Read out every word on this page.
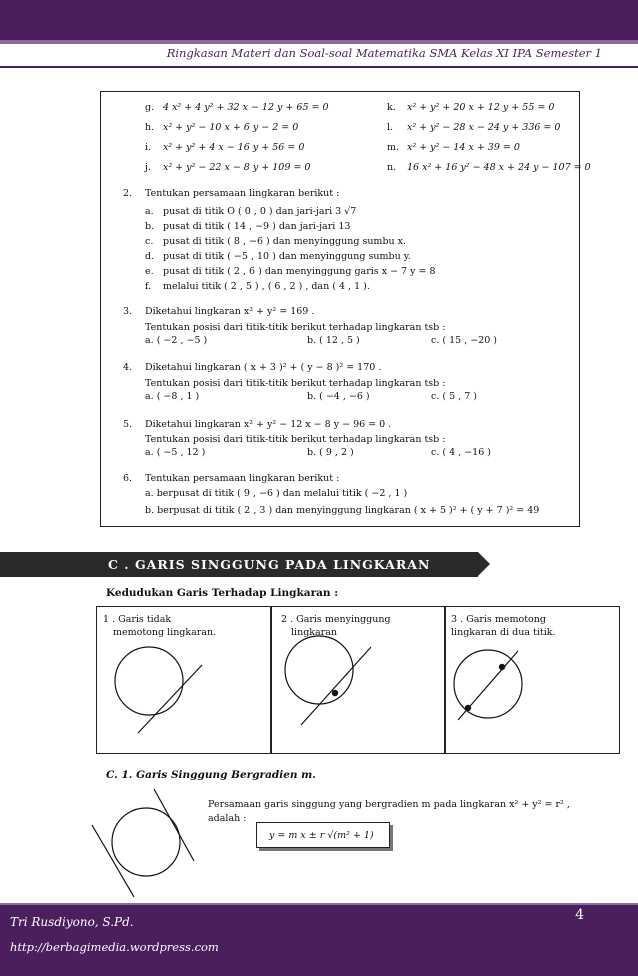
Ringkasan Materi dan Soal-soal Matematika SMA Kelas XI IPA Semester 1
g. 4 x² + 4 y² + 32 x − 12 y + 65 = 0
h. x² + y² − 10 x + 6 y − 2 = 0
i. x² + y² + 4 x − 16 y + 56 = 0
j. x² + y² − 22 x − 8 y + 109 = 0
k. x² + y² + 20 x + 12 y + 55 = 0
l. x² + y² − 28 x − 24 y + 336 = 0
m. x² + y² − 14 x + 39 = 0
n. 16 x² + 16 y² − 48 x + 24 y − 107 = 0
2. Tentukan persamaan lingkaran berikut :
a. pusat di titik O ( 0 , 0 ) dan jari-jari 3 √7
b. pusat di titik ( 14 , −9 ) dan jari-jari 13
c. pusat di titik ( 8 , −6 ) dan menyinggung sumbu x.
d. pusat di titik ( −5 , 10 ) dan menyinggung sumbu y.
e. pusat di titik ( 2 , 6 ) dan menyinggung garis x − 7 y = 8
f. melalui titik ( 2 , 5 ) , ( 6 , 2 ) , dan ( 4 , 1 ).
3. Diketahui lingkaran x² + y² = 169 .
Tentukan posisi dari titik-titik berikut terhadap lingkaran tsb :
a. ( −2 , −5 )	b. ( 12 , 5 )	c. ( 15 , −20 )
4. Diketahui lingkaran ( x + 3 )² + ( y − 8 )² = 170 .
Tentukan posisi dari titik-titik berikut terhadap lingkaran tsb :
a. ( −8 , 1 )	b. ( −4 , −6 )	c. ( 5 , 7 )
5. Diketahui lingkaran x² + y² − 12 x − 8 y − 96 = 0 .
Tentukan posisi dari titik-titik berikut terhadap lingkaran tsb :
a. ( −5 , 12 )	b. ( 9 , 2 )	c. ( 4 , −16 )
6. Tentukan persamaan lingkaran berikut :
a. berpusat di titik ( 9 , −6 ) dan melalui titik ( −2 , 1 )
b. berpusat di titik ( 2 , 3 ) dan menyinggung lingkaran ( x + 5 )² + ( y + 7 )² = 49
C . GARIS SINGGUNG PADA LINGKARAN
Kedudukan Garis Terhadap Lingkaran :
1 . Garis tidak
memotong lingkaran.
2 . Garis menyinggung
lingkaran
3 . Garis memotong
lingkaran di dua titik.
C. 1. Garis Singgung Bergradien m.
Persamaan garis singgung yang bergradien m pada lingkaran x² + y² = r² ,
adalah :
y = m x ± r √(m² + 1)
Tri Rusdiyono, S.Pd.
http://berbagimedia.wordpress.com
4
